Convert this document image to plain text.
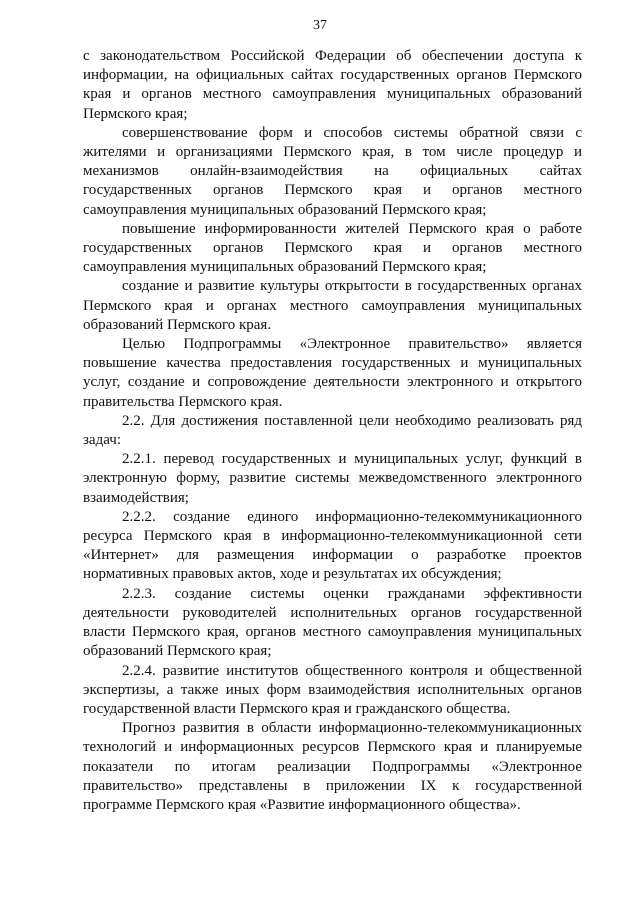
37

с законодательством Российской Федерации об обеспечении доступа к информации, на официальных сайтах государственных органов Пермского края и органов местного самоуправления муниципальных образований Пермского края;

совершенствование форм и способов системы обратной связи с жителями и организациями Пермского края, в том числе процедур и механизмов онлайн-взаимодействия на официальных сайтах государственных органов Пермского края и органов местного самоуправления муниципальных образований Пермского края;

повышение информированности жителей Пермского края о работе государственных органов Пермского края и органов местного самоуправления муниципальных образований Пермского края;

создание и развитие культуры открытости в государственных органах Пермского края и органах местного самоуправления муниципальных образований Пермского края.

Целью Подпрограммы «Электронное правительство» является повышение качества предоставления государственных и муниципальных услуг, создание и сопровождение деятельности электронного и открытого правительства Пермского края.

2.2. Для достижения поставленной цели необходимо реализовать ряд задач:

2.2.1. перевод государственных и муниципальных услуг, функций в электронную форму, развитие системы межведомственного электронного взаимодействия;

2.2.2. создание единого информационно-телекоммуникационного ресурса Пермского края в информационно-телекоммуникационной сети «Интернет» для размещения информации о разработке проектов нормативных правовых актов, ходе и результатах их обсуждения;

2.2.3. создание системы оценки гражданами эффективности деятельности руководителей исполнительных органов государственной власти Пермского края, органов местного самоуправления муниципальных образований Пермского края;

2.2.4. развитие институтов общественного контроля и общественной экспертизы, а также иных форм взаимодействия исполнительных органов государственной власти Пермского края и гражданского общества.

Прогноз развития в области информационно-телекоммуникационных технологий и информационных ресурсов Пермского края и планируемые показатели по итогам реализации Подпрограммы «Электронное правительство» представлены в приложении IX к государственной программе Пермского края «Развитие информационного общества».
